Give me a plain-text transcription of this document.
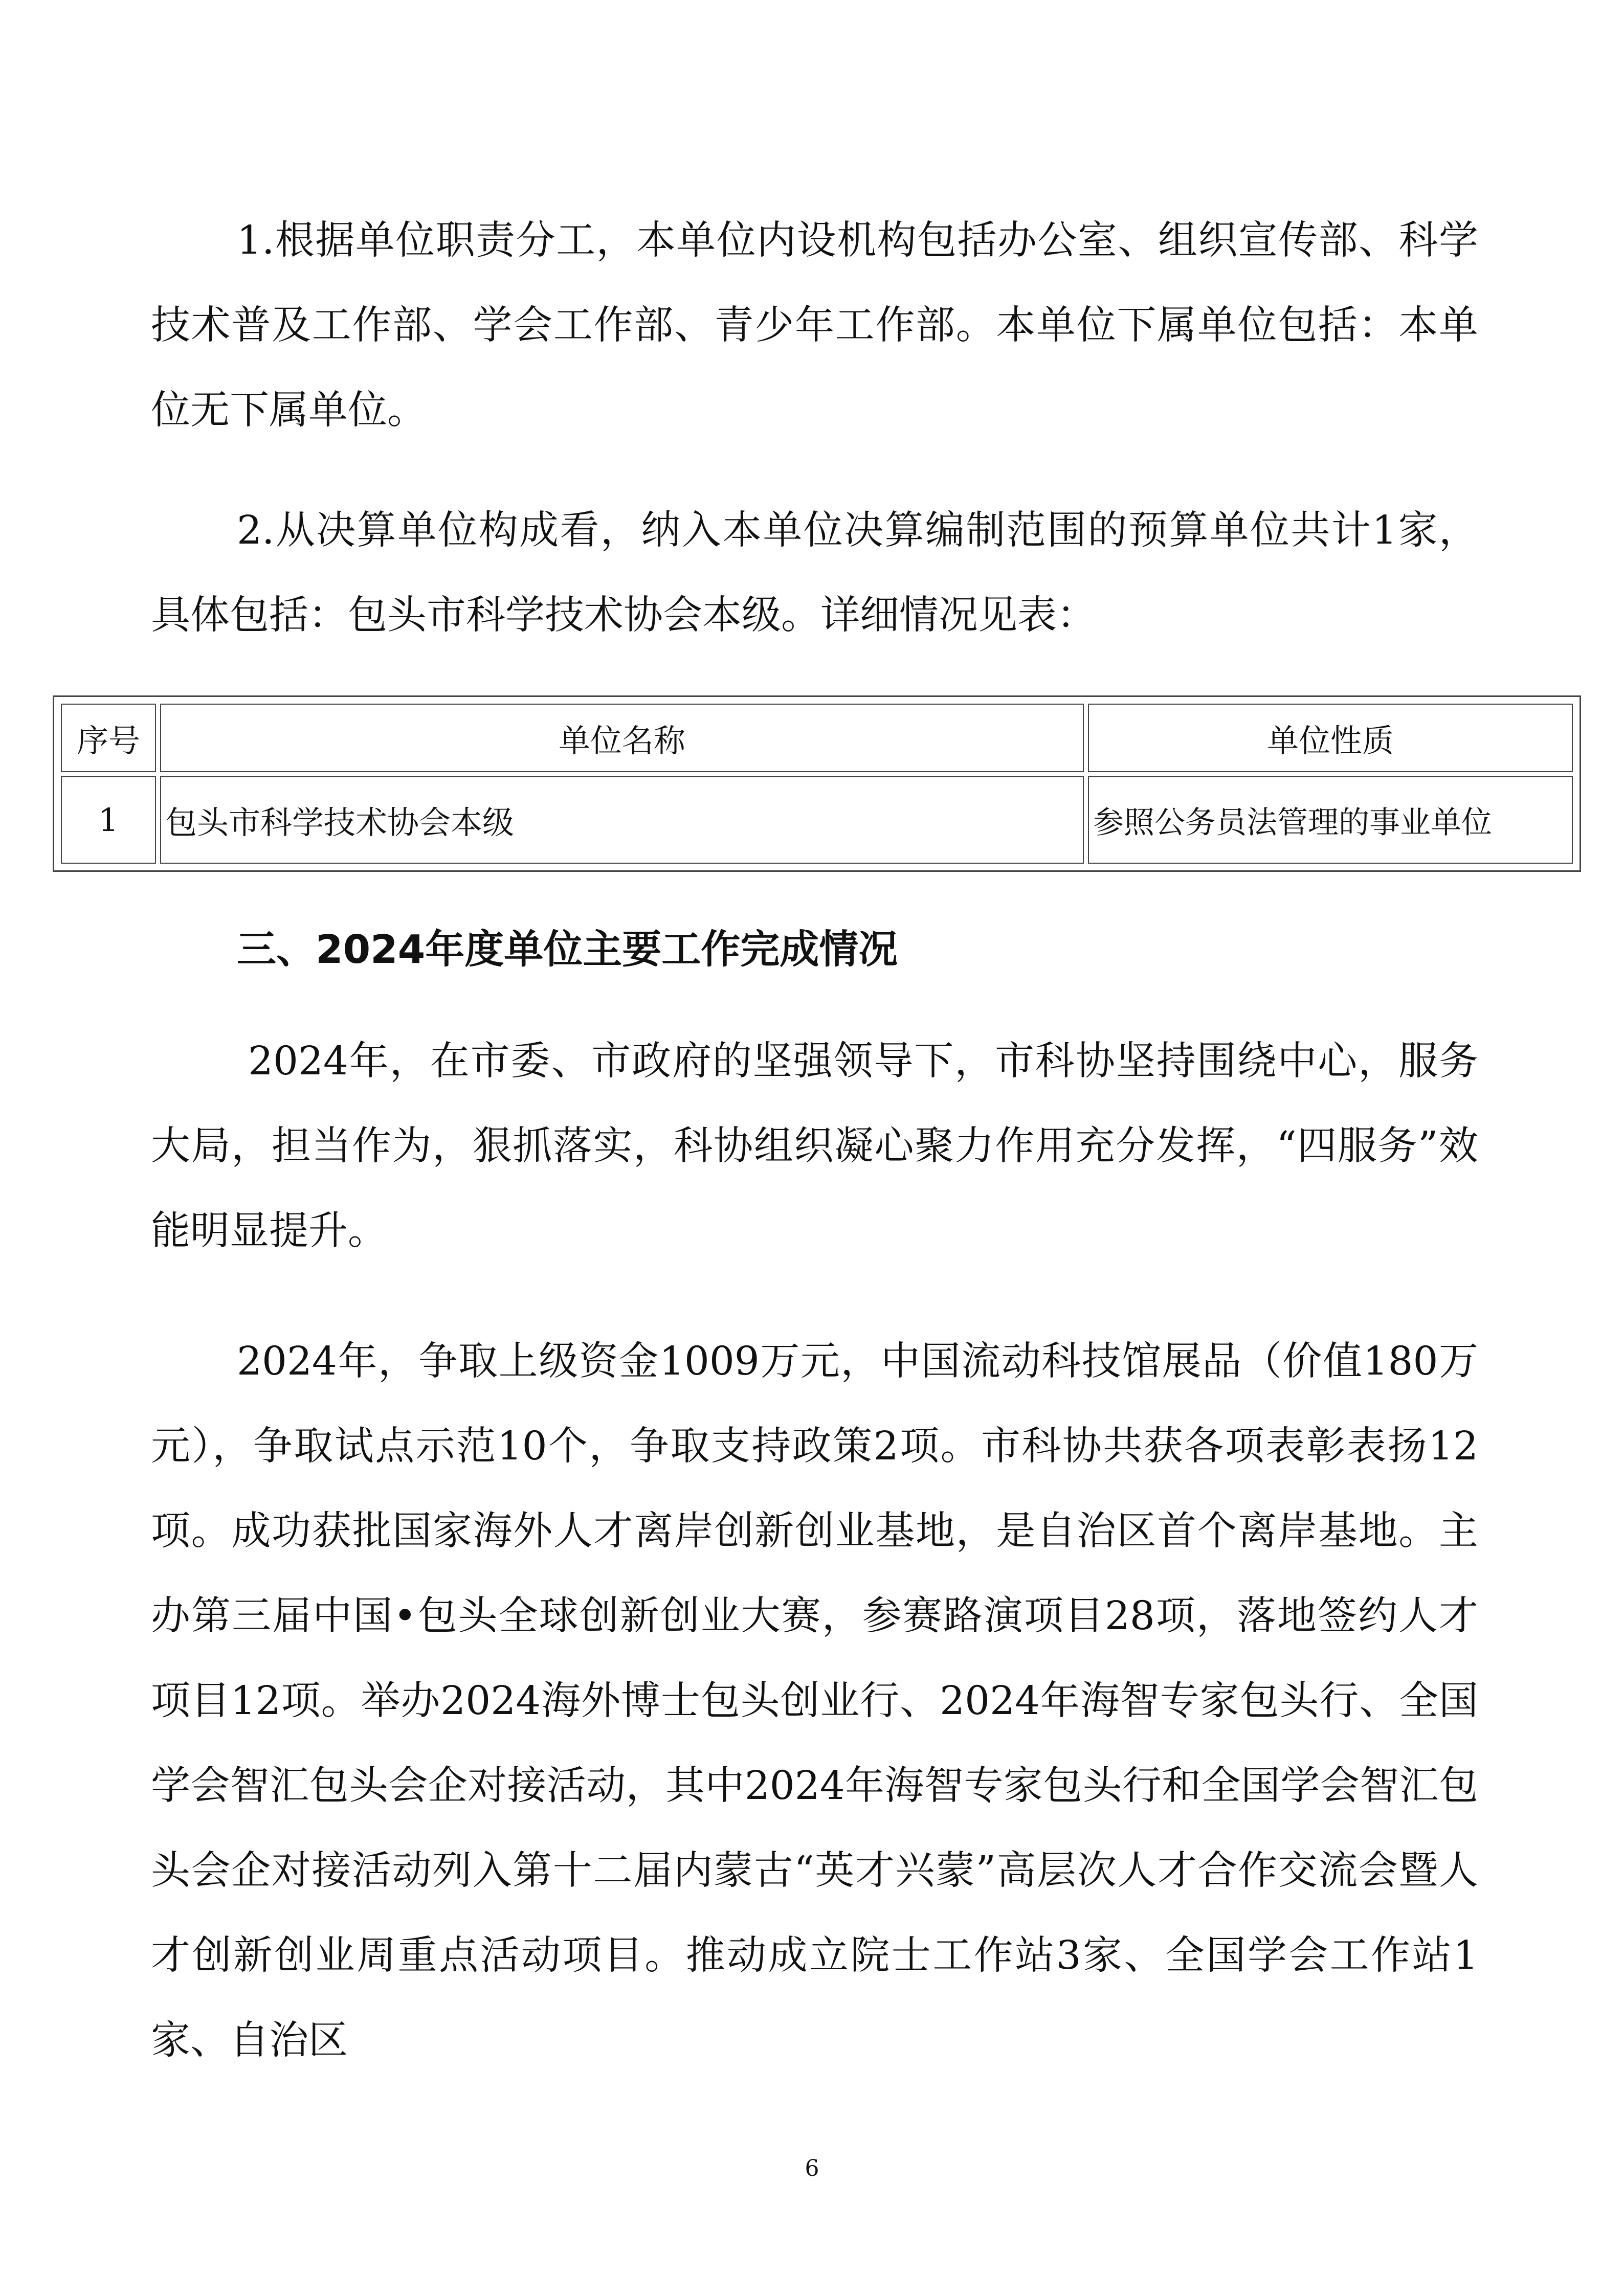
1.根据单位职责分工，本单位内设机构包括办公室、组织宣传部、科学技术普及工作部、学会工作部、青少年工作部。本单位下属单位包括：本单位无下属单位。

2.从决算单位构成看，纳入本单位决算编制范围的预算单位共计1家，具体包括：包头市科学技术协会本级。详细情况见表：

序号	单位名称	单位性质
1	包头市科学技术协会本级	参照公务员法管理的事业单位
三、2024年度单位主要工作完成情况

2024年，在市委、市政府的坚强领导下，市科协坚持围绕中心，服务大局，担当作为，狠抓落实，科协组织凝心聚力作用充分发挥，“四服务”效能明显提升。

2024年，争取上级资金1009万元，中国流动科技馆展品（价值180万元），争取试点示范10个，争取支持政策2项。市科协共获各项表彰表扬12项。成功获批国家海外人才离岸创新创业基地，是自治区首个离岸基地。主办第三届中国•包头全球创新创业大赛，参赛路演项目28项，落地签约人才项目12项。举办2024海外博士包头创业行、2024年海智专家包头行、全国学会智汇包头会企对接活动，其中2024年海智专家包头行和全国学会智汇包头会企对接活动列入第十二届内蒙古“英才兴蒙”高层次人才合作交流会暨人才创新创业周重点活动项目。推动成立院士工作站3家、全国学会工作站1家、自治区

6
